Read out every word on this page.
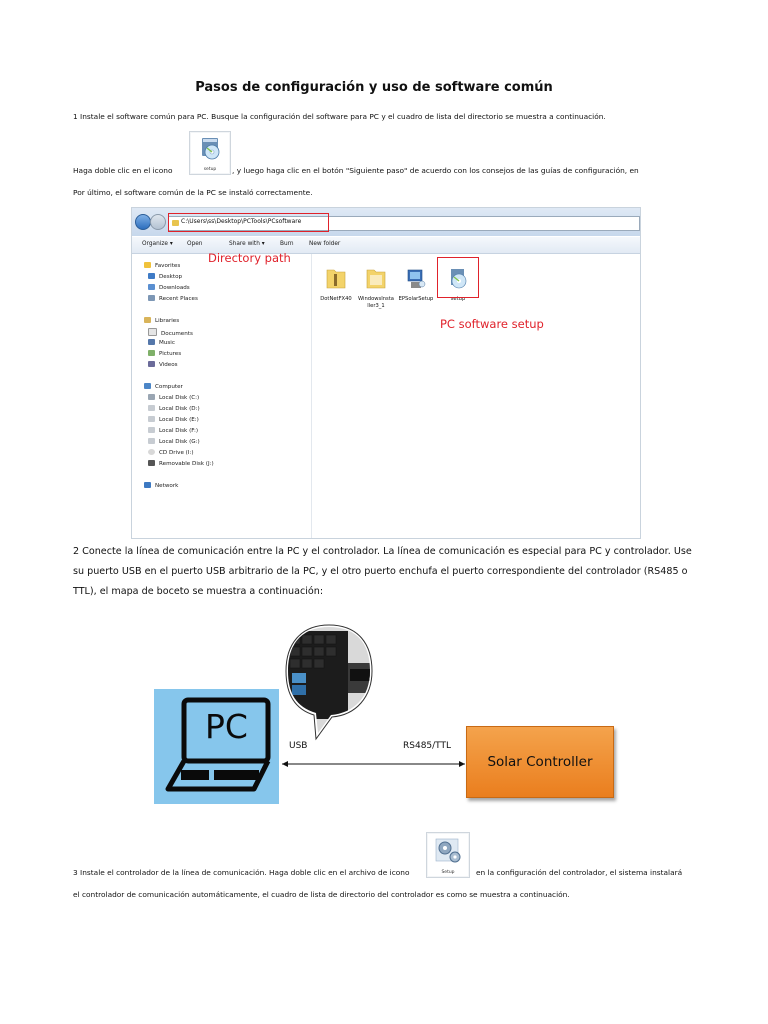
Pasos de configuración y uso de software común
1 Instale el software común para PC. Busque la configuración del software para PC y el cuadro de lista del directorio se muestra a continuación.
setup
Haga doble clic en el icono	, y luego haga clic en el botón "Siguiente paso" de acuerdo con los consejos de las guías de configuración, en
Por último, el software común de la PC se instaló correctamente.
C:\Users\ss\Desktop\PCTools\PCsoftware
Organize ▾ Open	Share with ▾	Burn	New folder
Favorites
Desktop
Downloads
Recent Places
Libraries
Documents
Music
Pictures
Videos
Computer
Local Disk (C:)
Local Disk (D:)
Local Disk (E:)
Local Disk (F:)
Local Disk (G:)
CD Drive (I:)
Removable Disk (J:)
Network
DotNetFX40	WindowsInstaller3_1
EPSolarSetup	setup
PC software setup
Directory path
2 Conecte la línea de comunicación entre la PC y el controlador. La línea de comunicación es especial para PC y controlador. Use su puerto USB en el puerto USB arbitrario de la PC, y el otro puerto enchufa el puerto correspondiente del controlador (RS485 o TTL), el mapa de boceto se muestra a continuación:
PC	USB	RS485/TTL
Solar Controller
Setup
3 Instale el controlador de la línea de comunicación. Haga doble clic en el archivo de icono	en la configuración del controlador, el sistema instalará
el controlador de comunicación automáticamente, el cuadro de lista de directorio del controlador es como se muestra a continuación.
